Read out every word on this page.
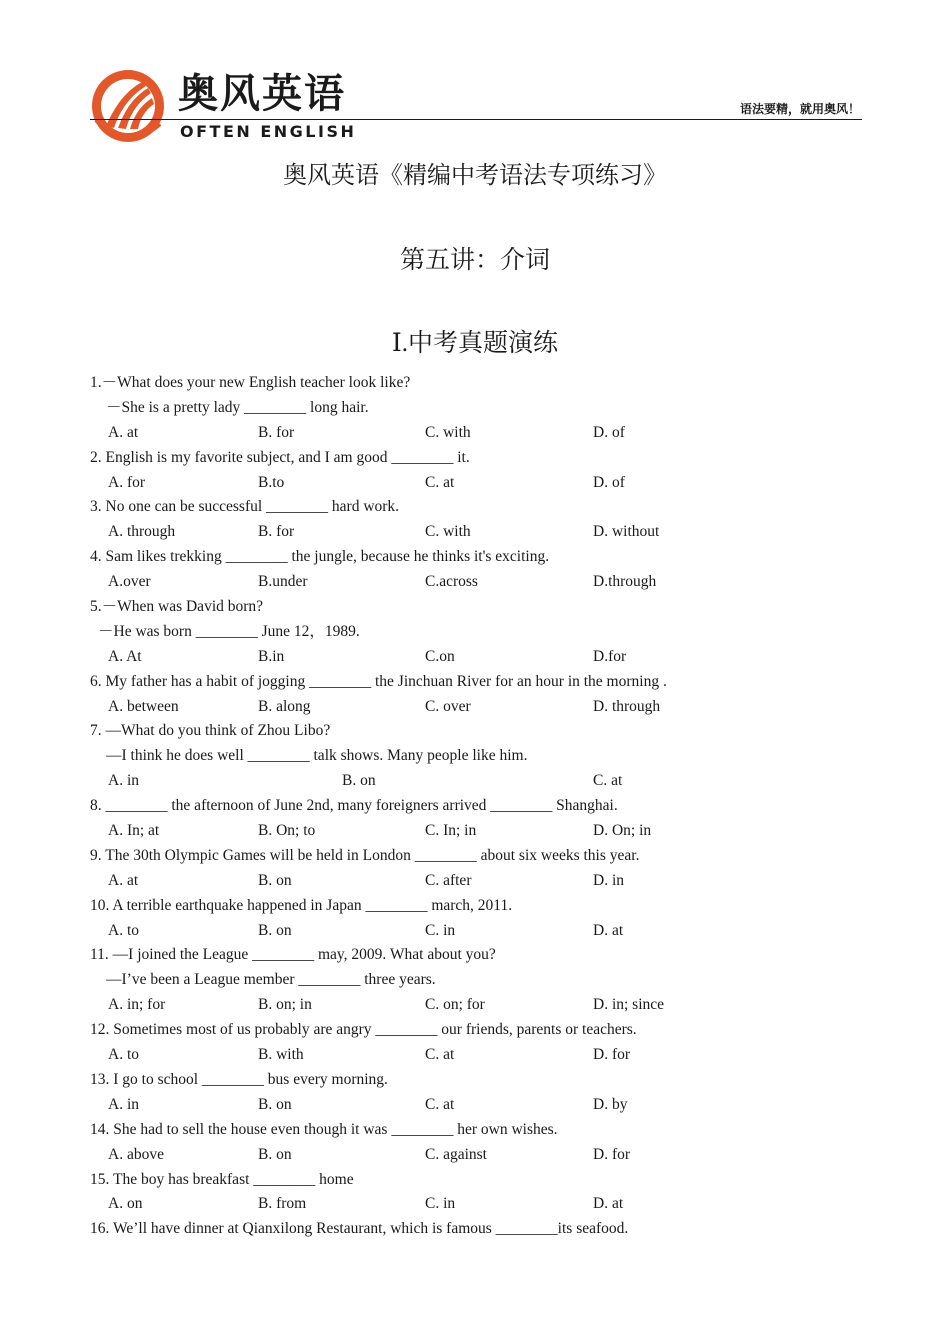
奥风英语
OFTEN ENGLISH
语法要精，就用奥风！
奥风英语《精编中考语法专项练习》
第五讲：介词
Ⅰ.中考真题演练
1.－What does your new English teacher look like?
－She is a pretty lady ________ long hair.
A. at	B. for	C. with	D. of
2. English is my favorite subject, and I am good ________ it.
A. for	B.to	C. at	D. of
3. No one can be successful ________ hard work.
A. through	B. for	C. with	D. without
4. Sam likes trekking ________ the jungle, because he thinks it's exciting.
A.over	B.under	C.across	D.through
5.－When was David born?
－He was born ________ June 12，1989.
A. At	B.in	C.on	D.for
6. My father has a habit of jogging ________ the Jinchuan River for an hour in the morning .
A. between	B. along	C. over	D. through
7. —What do you think of Zhou Libo?
—I think he does well ________ talk shows. Many people like him.
A. in	B. on	C. at
8. ________ the afternoon of June 2nd, many foreigners arrived ________ Shanghai.
A. In; at	B. On; to	C. In; in	D. On; in
9. The 30th Olympic Games will be held in London ________ about six weeks this year.
A. at	B. on	C. after	D. in
10. A terrible earthquake happened in Japan ________ march, 2011.
A. to	B. on	C. in	D. at
11. —I joined the League ________ may, 2009. What about you?
—I’ve been a League member ________ three years.
A. in; for	B. on; in	C. on; for	D. in; since
12. Sometimes most of us probably are angry ________ our friends, parents or teachers.
A. to	B. with	C. at	D. for
13. I go to school ________ bus every morning.
A. in	B. on	C. at	D. by
14. She had to sell the house even though it was ________ her own wishes.
A. above	B. on	C. against	D. for
15. The boy has breakfast ________ home
A. on	B. from	C. in	D. at
16. We’ll have dinner at Qianxilong Restaurant, which is famous ________its seafood.
